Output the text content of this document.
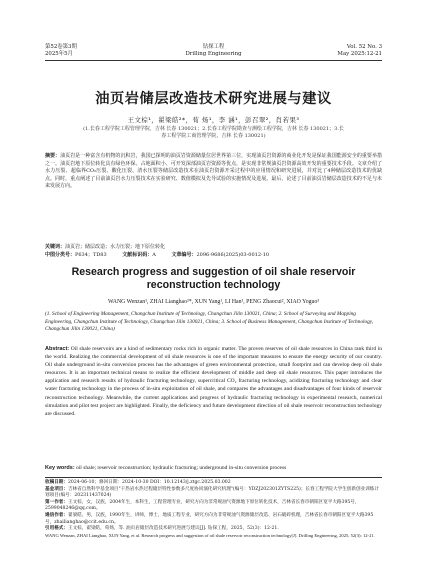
第52卷第3期	钻探工程	Vol. 52 No. 3
2025年5月	Drilling Engineering	May 2025:12-21
油页岩储层改造技术研究进展与建议
王文棕¹，翟梁皓²*，荀 炀¹，李 涵¹，彭召翠²，肖若果³
(1.长春工程学院工程管理学院，吉林 长春 130021；2.长春工程学院勘查与测绘工程学院，吉林 长春 130021；3.长
春工程学院工商管理学院，吉林 长春 130021)
摘要：油页岩是一种富含有机物的沉积岩，我国已探明的油页岩资源储量位居世界第三位，实现油页岩资源的商业化开发是保证我国能源安全的重要举措之一。油页岩地下原位转化具有绿色环保、占地面积小、可开发深部油页岩资源等优点，是实现非常规油页岩资源高效开发的重要技术手段。文章介绍了水力压裂、超临界CO₂压裂、酸化压裂、清水压裂等储层改造技术在油页岩资源开采过程中的应用情况和研究进展，并对比了4种储层改造技术的优缺点。同时，重点阐述了目前油页岩水力压裂技术在实验研究、数值模拟及先导试验的实施情况及进展。最后，论述了目前油页岩储层改造技术的不足与未来发展方向。
关键词：油页岩；储层改造；水力压裂；地下原位转化
中图分类号：P634；TD83	文献标识码：A	文章编号：2096-9686(2025)03-0012-10
Research progress and suggestion of oil shale reservoir
reconstruction technology
WANG Wenzan¹, ZHAI Lianghao²*, XUN Yang¹, LI Han¹, PENG Zhaocui², XIAO Yoguo³
(1. School of Engineering Management, Changchun Institute of Technology, Changchun Jilin 130021, China; 2. School of Surveying and Mapping Engineering, Changchun Institute of Technology, Changchun Jilin 130021, China; 3. School of Business Management, Changchun Institute of Technology, Changchun Jilin 130021, China)
Abstract: Oil shale reservoirs are a kind of sedimentary rocks rich in organic matter. The proven reserves of oil shale resources in China rank third in the world. Realizing the commercial development of oil shale resources is one of the important measures to ensure the energy security of our country. Oil shale underground in-situ conversion process has the advantages of green environmental protection, small footprint and can develop deep oil shale resources. It is an important technical means to realize the efficient development of middle and deep oil shale resources. This paper introduces the application and research results of hydraulic fracturing technology, supercritical CO₂ fracturing technology, acidizing fracturing technology and clear water fracturing technology in the process of in-situ exploitation of oil shale, and compares the advantages and disadvantages of four kinds of reservoir reconstruction technology. Meanwhile, the current applications and progress of hydraulic fracturing technology in experimental research, numerical simulation and pilot test project are highlighted. Finally, the deficiency and future development direction of oil shale reservoir reconstruction technology are discussed.
Key words: oil shale; reservoir reconstruction; hydraulic fracturing; underground in-situ conversion process

收稿日期：2024-06-10；修回日期：2024-10-30 DOI：10.12143/j.ztgc.2025.03.002

基金项目：吉林省自然科学基金项目"干热岩水热过程储层特性参数多尺度协同演化研究机理"(编号：YDZJ202301ZYTS225)；长春工程学院大学生创新创业训练计划项目(编号：202311437024)

第一作者：王文棕，女，汉族，2004年生，本科生，工程管理专业，研究方向为非常规油气资源地下原位转化技术，吉林省长春市朝阳区宽平大路395号，2599048246@qq.com。

通信作者：翟梁皓，男，汉族，1990年生，讲师，博士，地质工程专业，研究方向为非常规油气资源储层改造、岩石破碎机理，吉林省长春市朝阳区宽平大路395号，zhailianghao@ccit.edu.cn。

引用格式：王文棕，翟梁皓，荀炀，等. 油页岩储层改造技术研究进展与建议[J]. 钻探工程，2025，52(3)：12-21.

WANG Wenzan, ZHAI Lianghao, XUN Yang, et al. Research progress and suggestion of oil shale reservoir reconstruction technology[J]. Drilling Engineering, 2025, 52(3): 12-21.
